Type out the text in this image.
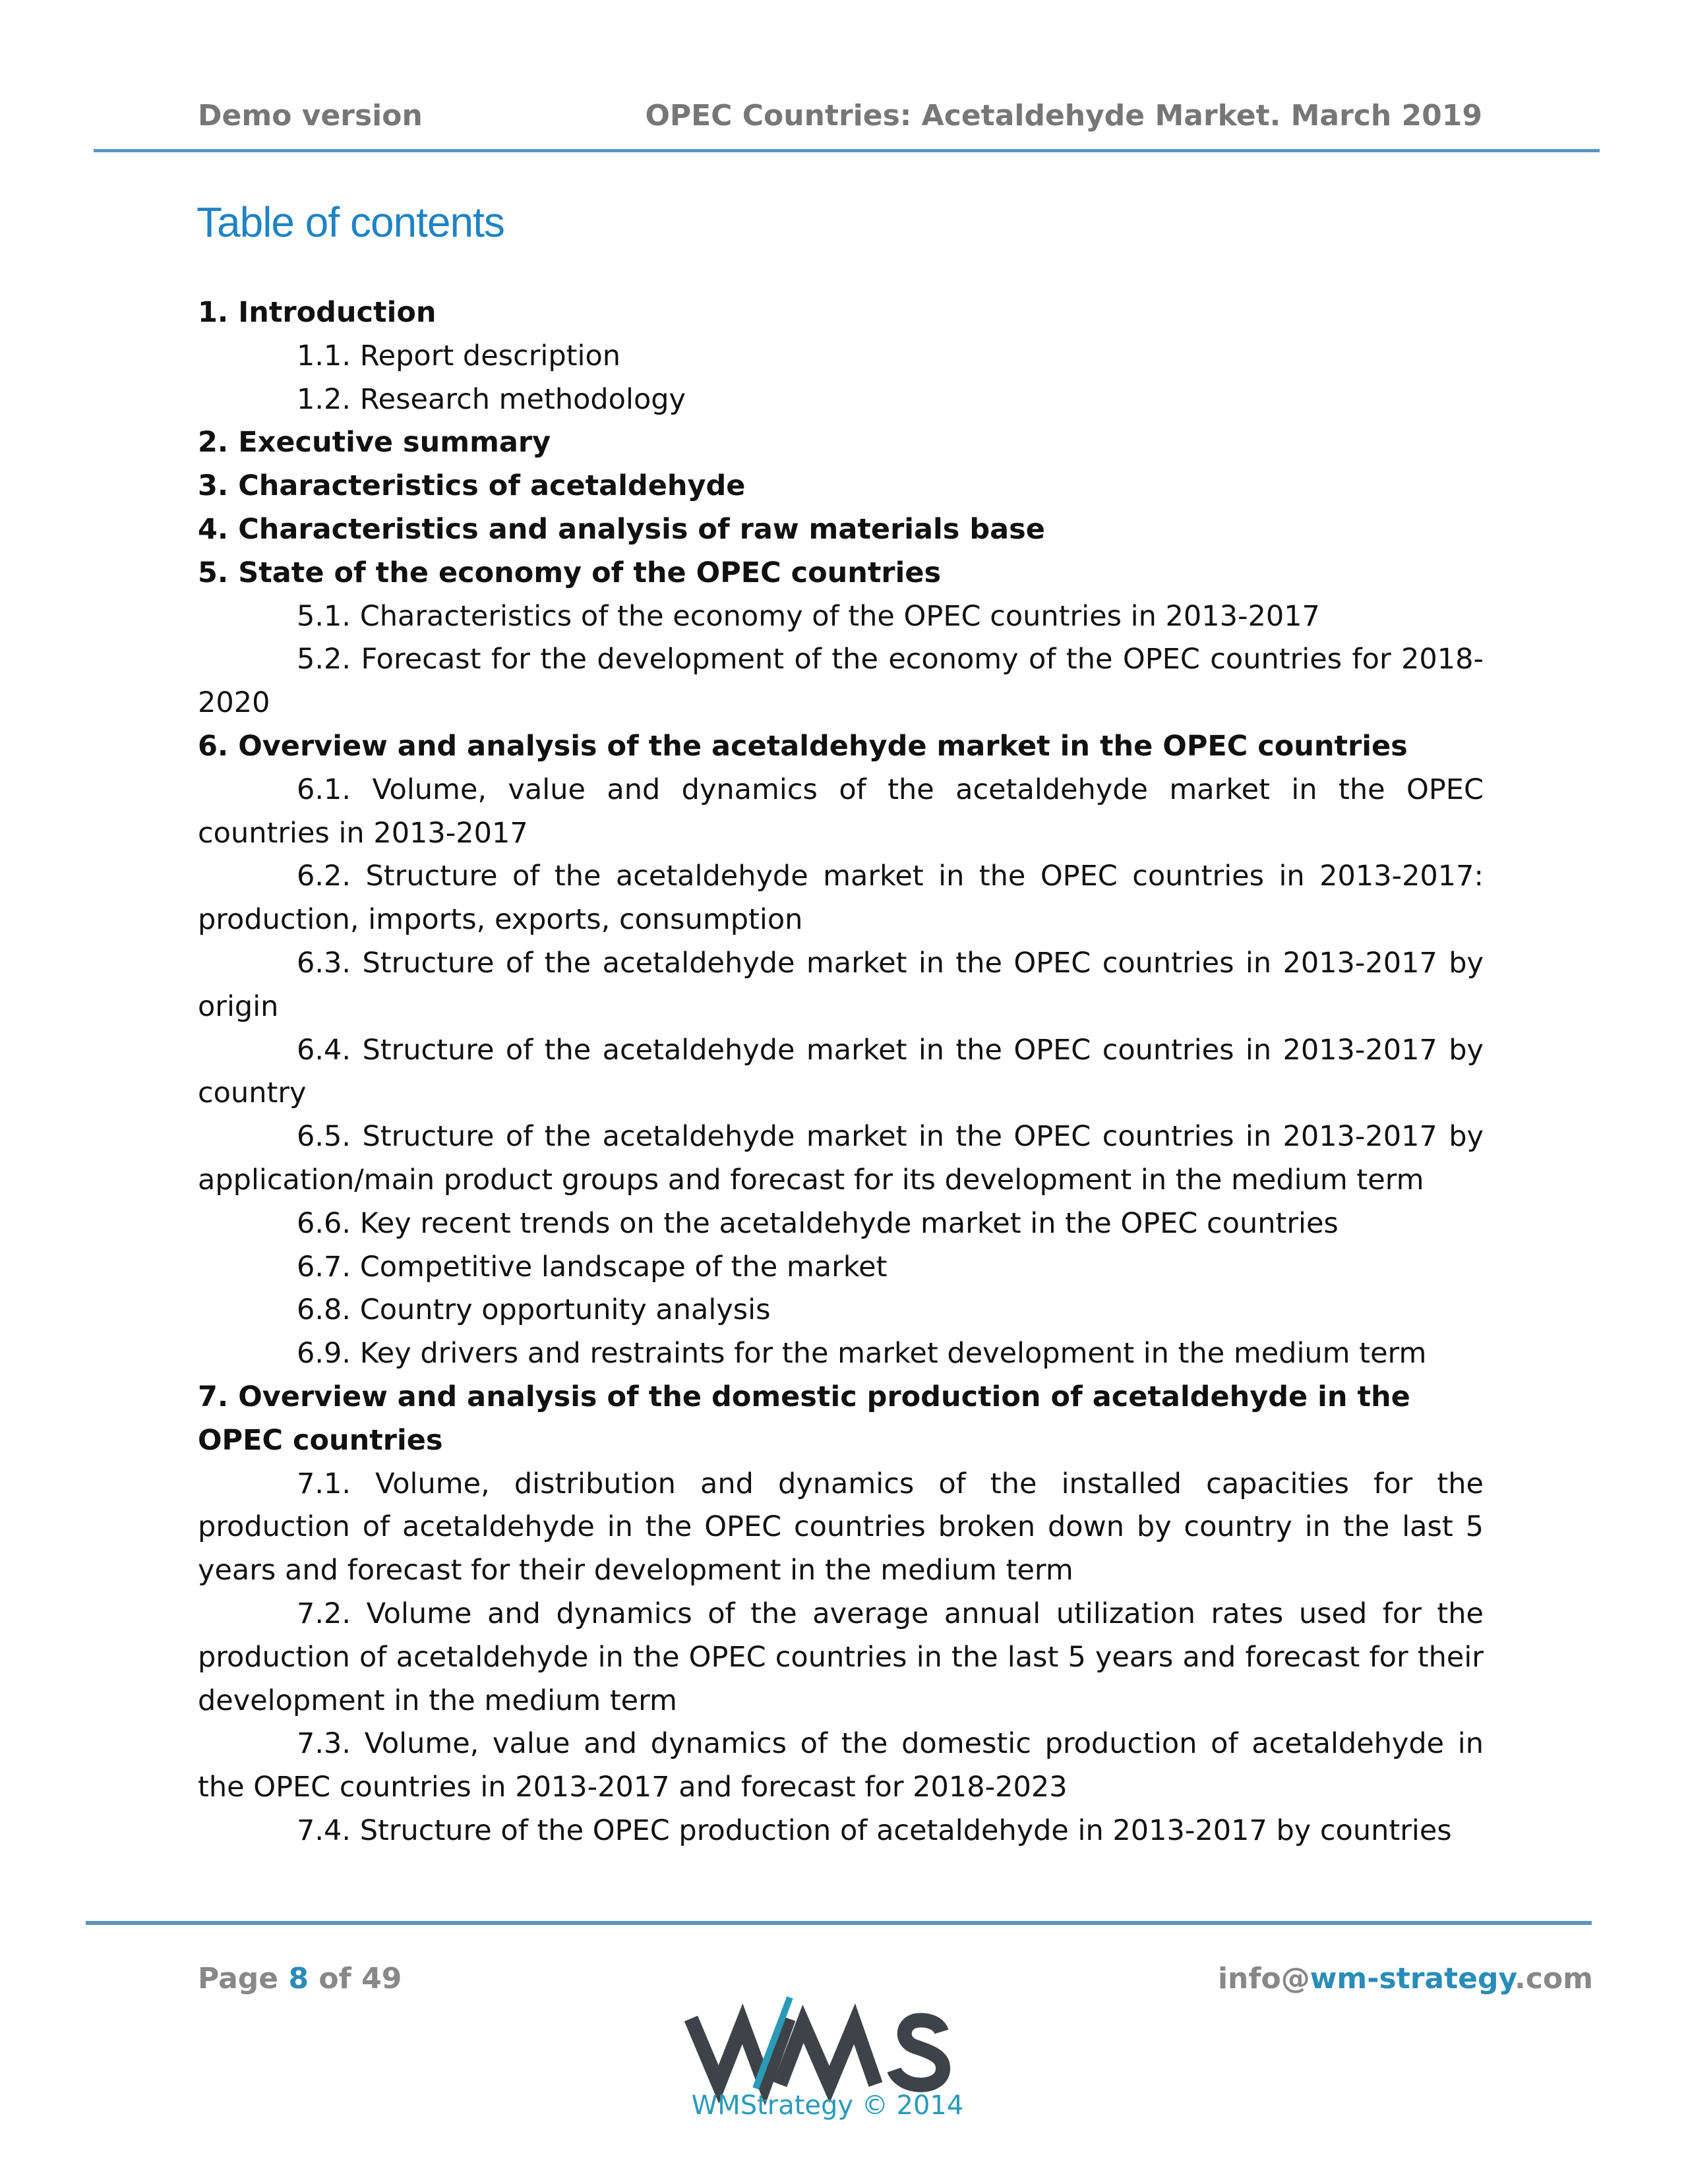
Demo version	OPEC Countries: Acetaldehyde Market. March 2019
Table of contents
1. Introduction
1.1. Report description
1.2. Research methodology
2. Executive summary
3. Characteristics of acetaldehyde
4. Characteristics and analysis of raw materials base
5. State of the economy of the OPEC countries
5.1. Characteristics of the economy of the OPEC countries in 2013-2017
5.2. Forecast for the development of the economy of the OPEC countries for 2018-2020
6. Overview and analysis of the acetaldehyde market in the OPEC countries
6.1. Volume, value and dynamics of the acetaldehyde market in the OPEC countries in 2013-2017
6.2. Structure of the acetaldehyde market in the OPEC countries in 2013-2017: production, imports, exports, consumption
6.3. Structure of the acetaldehyde market in the OPEC countries in 2013-2017 by origin
6.4. Structure of the acetaldehyde market in the OPEC countries in 2013-2017 by country
6.5. Structure of the acetaldehyde market in the OPEC countries in 2013-2017 by application/main product groups and forecast for its development in the medium term
6.6. Key recent trends on the acetaldehyde market in the OPEC countries
6.7. Competitive landscape of the market
6.8. Country opportunity analysis
6.9. Key drivers and restraints for the market development in the medium term
7. Overview and analysis of the domestic production of acetaldehyde in the OPEC countries
7.1. Volume, distribution and dynamics of the installed capacities for the production of acetaldehyde in the OPEC countries broken down by country in the last 5 years and forecast for their development in the medium term
7.2. Volume and dynamics of the average annual utilization rates used for the production of acetaldehyde in the OPEC countries in the last 5 years and forecast for their development in the medium term
7.3. Volume, value and dynamics of the domestic production of acetaldehyde in the OPEC countries in 2013-2017 and forecast for 2018-2023
7.4. Structure of the OPEC production of acetaldehyde in 2013-2017 by countries
Page 8 of 49	info@wm-strategy.com
WMStrategy © 2014
